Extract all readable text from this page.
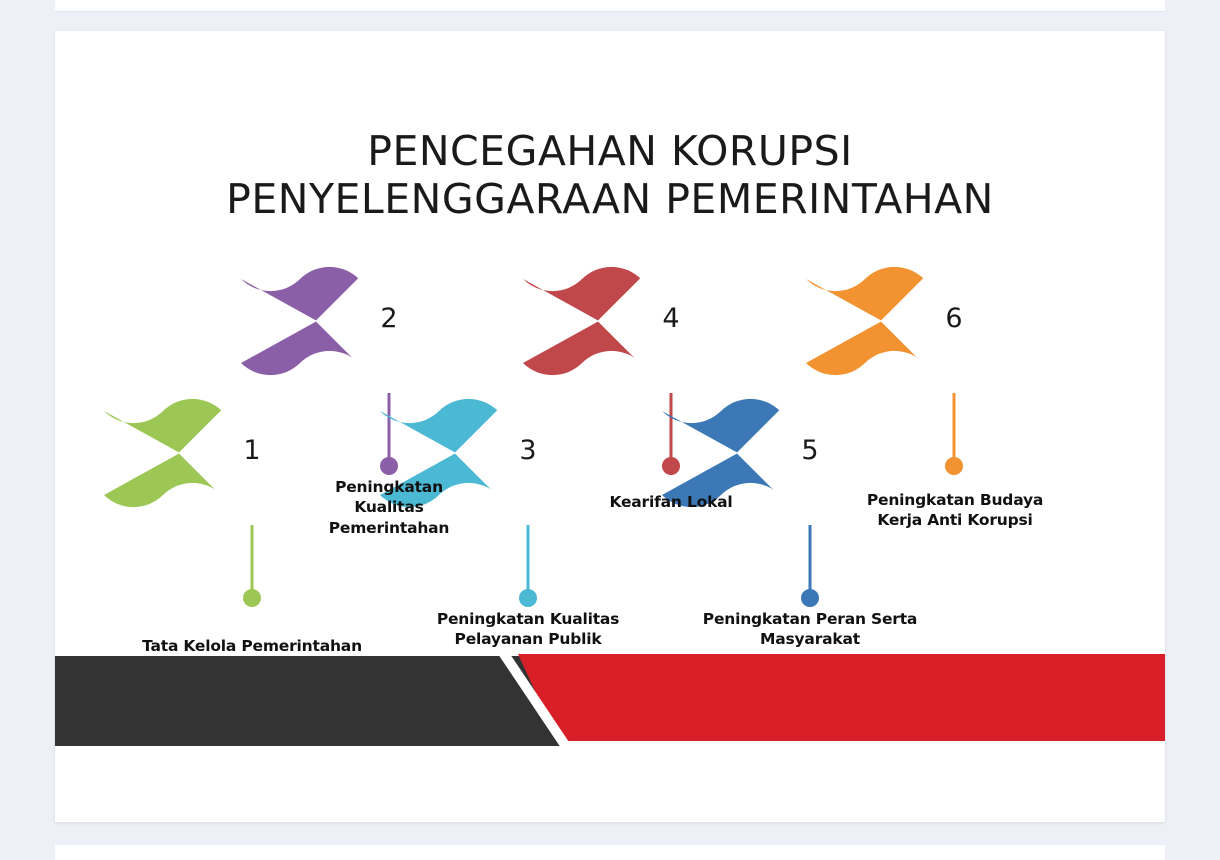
PENCEGAHAN KORUPSI
PENYELENGGARAAN PEMERINTAHAN
1
2
3
4
5
6
Tata Kelola Pemerintahan
Peningkatan Kualitas Pemerintahan
Peningkatan Kualitas Pelayanan Publik
Kearifan Lokal
Peningkatan Peran Serta Masyarakat
Peningkatan Budaya Kerja Anti Korupsi
